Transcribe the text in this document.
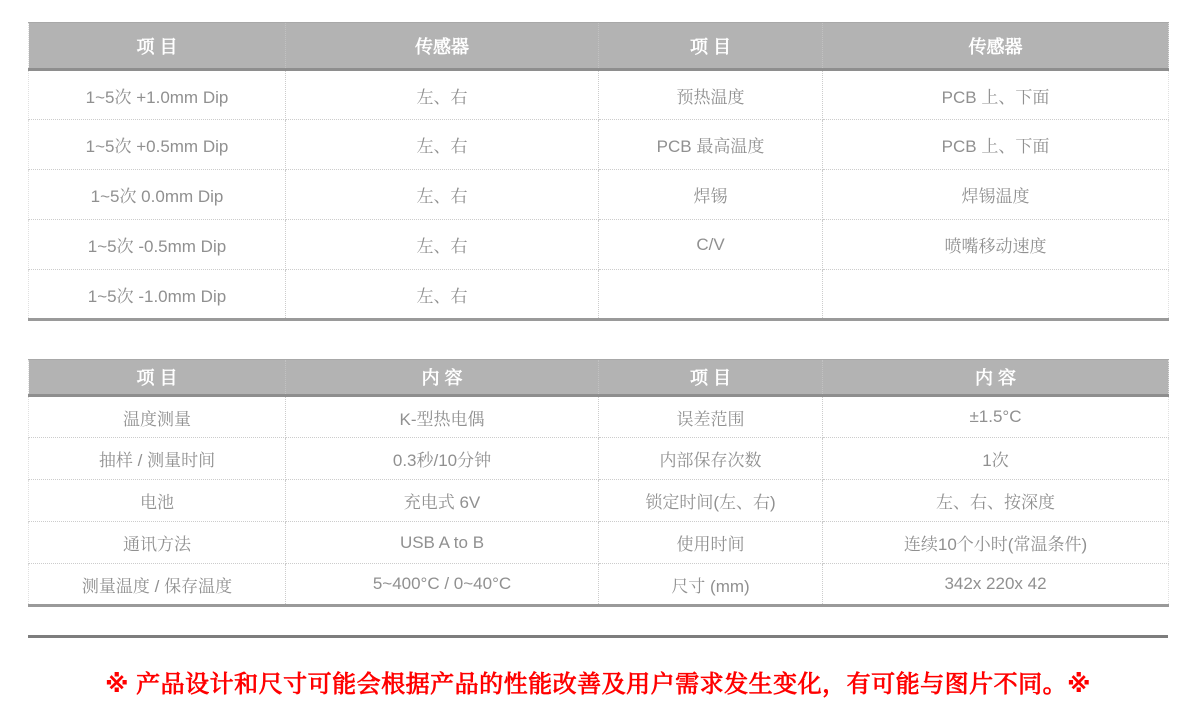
项 目	传感器	项 目	传感器
1~5次 +1.0mm Dip	左、右	预热温度	PCB 上、下面
1~5次 +0.5mm Dip	左、右	PCB 最高温度	PCB 上、下面
1~5次 0.0mm Dip	左、右	焊锡	焊锡温度
1~5次 -0.5mm Dip	左、右	C/V	喷嘴移动速度
1~5次 -1.0mm Dip	左、右		
项 目	内 容	项 目	内 容
温度测量	K-型热电偶	误差范围	±1.5°C
抽样 / 测量时间	0.3秒/10分钟	内部保存次数	1次
电池	充电式 6V	锁定时间(左、右)	左、右、按深度
通讯方法	USB A to B	使用时间	连续10个小时(常温条件)
测量温度 / 保存温度	5~400°C / 0~40°C	尺寸 (mm)	342x 220x 42
※ 产品设计和尺寸可能会根据产品的性能改善及用户需求发生变化，有可能与图片不同。※
